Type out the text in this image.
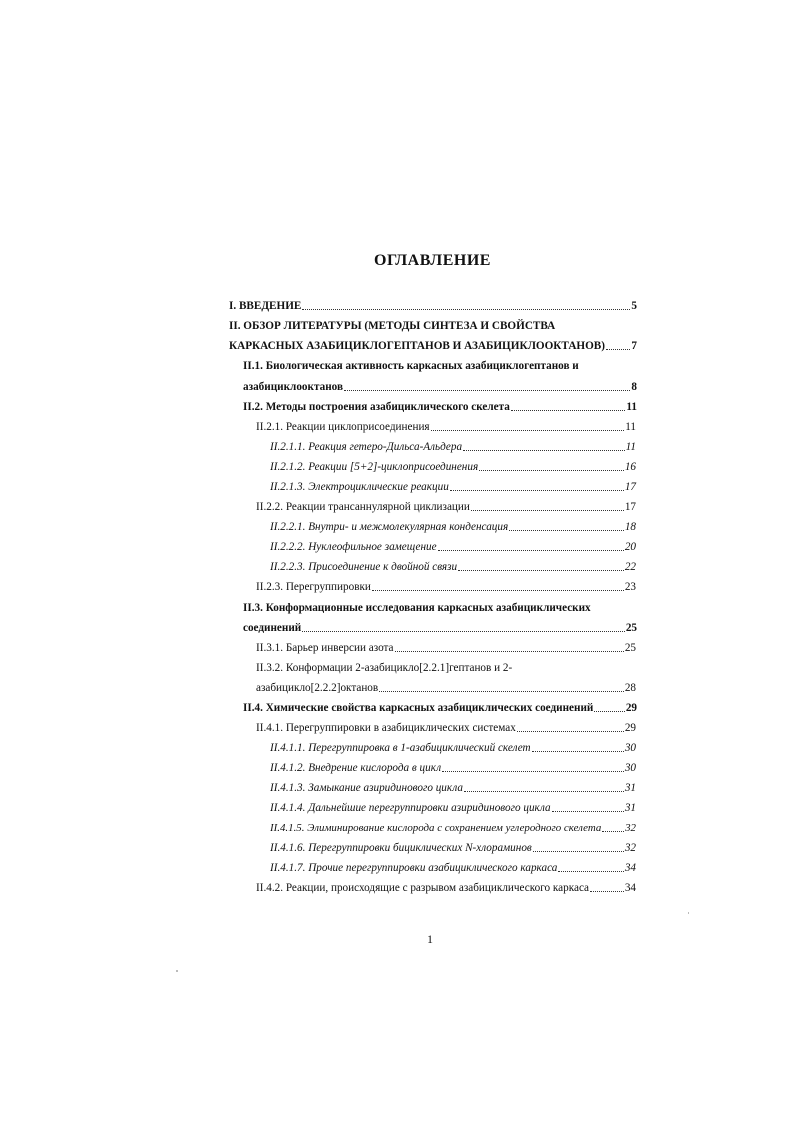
ОГЛАВЛЕНИЕ
I. ВВЕДЕНИЕ	5
II. ОБЗОР ЛИТЕРАТУРЫ (МЕТОДЫ СИНТЕЗА И СВОЙСТВА
КАРКАСНЫХ АЗАБИЦИКЛОГЕПТАНОВ И АЗАБИЦИКЛООКТАНОВ) 7
II.1. Биологическая активность каркасных азабициклогептанов и
азабициклооктанов	8
II.2. Методы построения азабициклического скелета	11
II.2.1. Реакции циклоприсоединения	11
II.2.1.1. Реакция гетеро-Дильса-Альдера	11
II.2.1.2. Реакции [5+2]-циклоприсоединения	16
II.2.1.3. Электроциклические реакции	17
II.2.2. Реакции трансаннулярной циклизации	17
II.2.2.1. Внутри- и межмолекулярная конденсация	18
II.2.2.2. Нуклеофильное замещение	20
II.2.2.3. Присоединение к двойной связи	22
II.2.3. Перегруппировки	23
II.3. Конформационные исследования каркасных азабициклических
соединений	25
II.3.1. Барьер инверсии азота	25
II.3.2. Конформации 2-азабицикло[2.2.1]гептанов и 2-
азабицикло[2.2.2]октанов	28
II.4. Химические свойства каркасных азабициклических соединений	29
II.4.1. Перегруппировки в азабициклических системах	29
II.4.1.1. Перегруппировка в 1-азабициклический скелет	30
II.4.1.2. Внедрение кислорода в цикл	30
II.4.1.3. Замыкание азиридинового цикла	31
II.4.1.4. Дальнейшие перегруппировки азиридинового цикла	31
II.4.1.5. Элиминирование кислорода с сохранением углеродного скелета 32
II.4.1.6. Перегруппировки бициклических N-хлораминов	32
II.4.1.7. Прочие перегруппировки азабициклического каркаса	34
II.4.2. Реакции, происходящие с разрывом азабициклического каркаса	34
1
